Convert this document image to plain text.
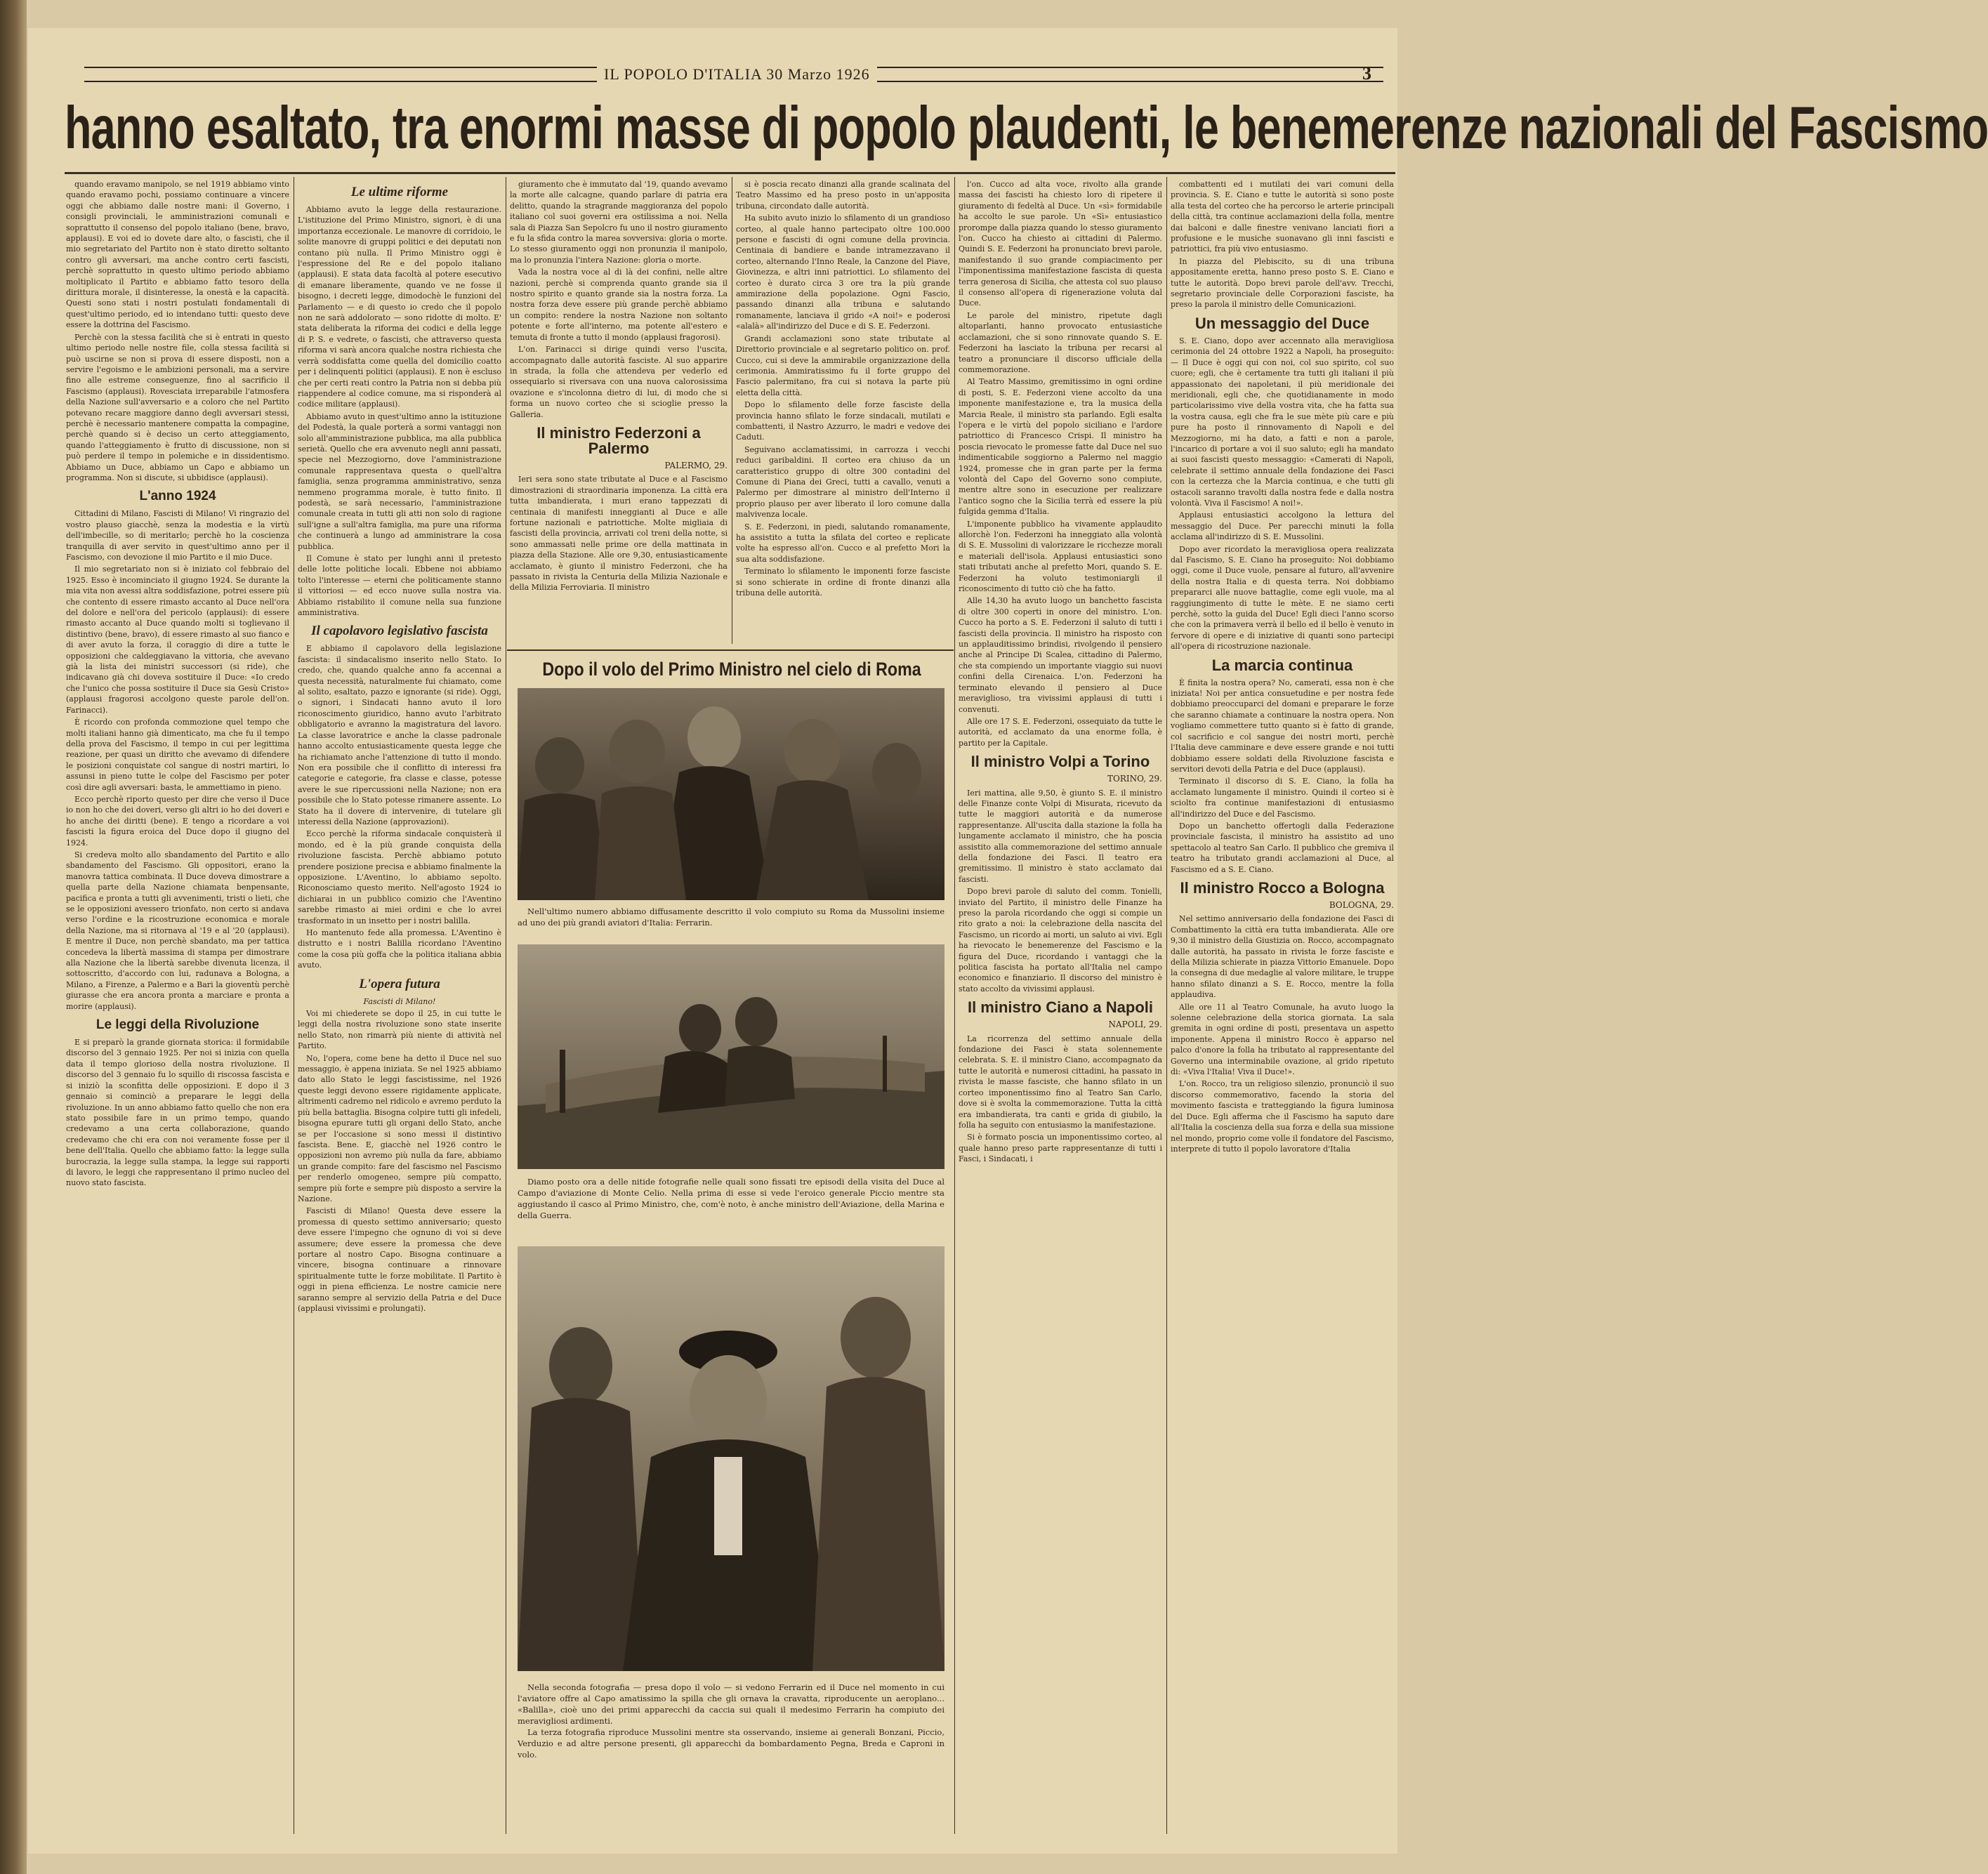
IL POPOLO D'ITALIA 30 Marzo 1926	3
hanno esaltato, tra enormi masse di popolo plaudenti, le benemerenze nazionali del Fascismo

quando eravamo manipolo, se nel 1919 abbiamo vinto quando eravamo pochi, possiamo continuare a vincere oggi che abbiamo dalle nostre mani: il Governo, i consigli provinciali, le amministrazioni comunali e soprattutto il consenso del popolo italiano (bene, bravo, applausi). E voi ed io dovete dare alto, o fascisti, che il mio segretariato del Partito non è stato diretto soltanto contro gli avversari, ma anche contro certi fascisti, perchè soprattutto in questo ultimo periodo abbiamo moltiplicato il Partito e abbiamo fatto tesoro della dirittura morale, il disinteresse, la onestà e la capacità. Questi sono stati i nostri postulati fondamentali di quest'ultimo periodo, ed io intendano tutti: questo deve essere la dottrina del Fascismo.

Perchè con la stessa facilità che si è entrati in questo ultimo periodo nelle nostre file, colla stessa facilità si può uscirne se non si prova di essere disposti, non a servire l'egoismo e le ambizioni personali, ma a servire fino alle estreme conseguenze, fino al sacrificio il Fascismo (applausi). Rovesciata irreparabile l'atmosfera della Nazione sull'avversario e a coloro che nel Partito potevano recare maggiore danno degli avversari stessi, perchè è necessario mantenere compatta la compagine, perchè quando si è deciso un certo atteggiamento, quando l'atteggiamento è frutto di discussione, non si può perdere il tempo in polemiche e in dissidentismo. Abbiamo un Duce, abbiamo un Capo e abbiamo un programma. Non si discute, si ubbidisce (applausi).

L'anno 1924

Cittadini di Milano, Fascisti di Milano! Vi ringrazio del vostro plauso giacchè, senza la modestia e la virtù dell'imbecille, so di meritarlo; perchè ho la coscienza tranquilla di aver servito in quest'ultimo anno per il Fascismo, con devozione il mio Partito e il mio Duce.

Il mio segretariato non si è iniziato col febbraio del 1925. Esso è incominciato il giugno 1924. Se durante la mia vita non avessi altra soddisfazione, potrei essere più che contento di essere rimasto accanto al Duce nell'ora del dolore e nell'ora del pericolo (applausi): di essere rimasto accanto al Duce quando molti si toglievano il distintivo (bene, bravo), di essere rimasto al suo fianco e di aver avuto la forza, il coraggio di dire a tutte le opposizioni che caldeggiavano la vittoria, che avevano già la lista dei ministri successori (si ride), che indicavano già chi doveva sostituire il Duce: «Io credo che l'unico che possa sostituire il Duce sia Gesù Cristo» (applausi fragorosi accolgono queste parole dell'on. Farinacci).

È ricordo con profonda commozione quel tempo che molti italiani hanno già dimenticato, ma che fu il tempo della prova del Fascismo, il tempo in cui per legittima reazione, per quasi un diritto che avevamo di difendere le posizioni conquistate col sangue di nostri martiri, lo assunsi in pieno tutte le colpe del Fascismo per poter così dire agli avversari: basta, le ammettiamo in pieno.

Ecco perchè riporto questo per dire che verso il Duce io non ho che dei doveri, verso gli altri io ho dei doveri e ho anche dei diritti (bene). E tengo a ricordare a voi fascisti la figura eroica del Duce dopo il giugno del 1924.

Si credeva molto allo sbandamento del Partito e allo sbandamento del Fascismo. Gli oppositori, erano la manovra tattica combinata. Il Duce doveva dimostrare a quella parte della Nazione chiamata benpensante, pacifica e pronta a tutti gli avvenimenti, tristi o lieti, che se le opposizioni avessero trionfato, non certo si andava verso l'ordine e la ricostruzione economica e morale della Nazione, ma si ritornava al '19 e al '20 (applausi). E mentre il Duce, non perchè sbandato, ma per tattica concedeva la libertà massima di stampa per dimostrare alla Nazione che la libertà sarebbe divenuta licenza, il sottoscritto, d'accordo con lui, radunava a Bologna, a Milano, a Firenze, a Palermo e a Bari la gioventù perchè giurasse che era ancora pronta a marciare e pronta a morire (applausi).

Le leggi della Rivoluzione

E si preparò la grande giornata storica: il formidabile discorso del 3 gennaio 1925. Per noi si inizia con quella data il tempo glorioso della nostra rivoluzione. Il discorso del 3 gennaio fu lo squillo di riscossa fascista e si iniziò la sconfitta delle opposizioni. E dopo il 3 gennaio si cominciò a preparare le leggi della rivoluzione. In un anno abbiamo fatto quello che non era stato possibile fare in un primo tempo, quando credevamo a una certa collaborazione, quando credevamo che chi era con noi veramente fosse per il bene dell'Italia. Quello che abbiamo fatto: la legge sulla burocrazia, la legge sulla stampa, la legge sui rapporti di lavoro, le leggi che rappresentano il primo nucleo del nuovo stato fascista.

Le ultime riforme

Abbiamo avuto la legge della restaurazione. L'istituzione del Primo Ministro, signori, è di una importanza eccezionale. Le manovre di corridoio, le solite manovre di gruppi politici e dei deputati non contano più nulla. Il Primo Ministro oggi è l'espressione del Re e del popolo italiano (applausi). E stata data facoltà al potere esecutivo di emanare liberamente, quando ve ne fosse il bisogno, i decreti legge, dimodochè le funzioni del Parlamento — e di questo io credo che il popolo non ne sarà addolorato — sono ridotte di molto. E' stata deliberata la riforma dei codici e della legge di P. S. e vedrete, o fascisti, che attraverso questa riforma vi sarà ancora qualche nostra richiesta che verrà soddisfatta come quella del domicilio coatto per i delinquenti politici (applausi). E non è escluso che per certi reati contro la Patria non si debba più riappendere al codice comune, ma si risponderà al codice militare (applausi).

Abbiamo avuto in quest'ultimo anno la istituzione del Podestà, la quale porterà a sormi vantaggi non solo all'amministrazione pubblica, ma alla pubblica serietà. Quello che era avvenuto negli anni passati, specie nel Mezzogiorno, dove l'amministrazione comunale rappresentava questa o quell'altra famiglia, senza programma amministrativo, senza nemmeno programma morale, è tutto finito. Il podestà, se sarà necessario, l'amministrazione comunale creata in tutti gli atti non solo di ragione sull'igne a sull'altra famiglia, ma pure una riforma che continuerà a lungo ad amministrare la cosa pubblica.

Il Comune è stato per lunghi anni il pretesto delle lotte politiche locali. Ebbene noi abbiamo tolto l'interesse — eterni che politicamente stanno il vittoriosi — ed ecco nuove sulla nostra via. Abbiamo ristabilito il comune nella sua funzione amministrativa.

Il capolavoro legislativo fascista

E abbiamo il capolavoro della legislazione fascista: il sindacalismo inserito nello Stato. Io credo, che, quando qualche anno fa accennai a questa necessità, naturalmente fui chiamato, come al solito, esaltato, pazzo e ignorante (si ride). Oggi, o signori, i Sindacati hanno avuto il loro riconoscimento giuridico, hanno avuto l'arbitrato obbligatorio e avranno la magistratura del lavoro. La classe lavoratrice e anche la classe padronale hanno accolto entusiasticamente questa legge che ha richiamato anche l'attenzione di tutto il mondo. Non era possibile che il conflitto di interessi fra categorie e categorie, fra classe e classe, potesse avere le sue ripercussioni nella Nazione; non era possibile che lo Stato potesse rimanere assente. Lo Stato ha il dovere di intervenire, di tutelare gli interessi della Nazione (approvazioni).

Ecco perchè la riforma sindacale conquisterà il mondo, ed è la più grande conquista della rivoluzione fascista. Perchè abbiamo potuto prendere posizione precisa e abbiamo finalmente la opposizione. L'Aventino, lo abbiamo sepolto. Riconosciamo questo merito. Nell'agosto 1924 io dichiarai in un pubblico comizio che l'Aventino sarebbe rimasto ai miei ordini e che lo avrei trasformato in un insetto per i nostri balilla.

Ho mantenuto fede alla promessa. L'Aventino è distrutto e i nostri Balilla ricordano l'Aventino come la cosa più goffa che la politica italiana abbia avuto.

L'opera futura

Fascisti di Milano!

Voi mi chiederete se dopo il 25, in cui tutte le leggi della nostra rivoluzione sono state inserite nello Stato, non rimarrà più niente di attività nel Partito.

No, l'opera, come bene ha detto il Duce nel suo messaggio, è appena iniziata. Se nel 1925 abbiamo dato allo Stato le leggi fascistissime, nel 1926 queste leggi devono essere rigidamente applicate, altrimenti cadremo nel ridicolo e avremo perduto la più bella battaglia. Bisogna colpire tutti gli infedeli, bisogna epurare tutti gli organi dello Stato, anche se per l'occasione si sono messi il distintivo fascista. Bene. E, giacchè nel 1926 contro le opposizioni non avremo più nulla da fare, abbiamo un grande compito: fare del fascismo nel Fascismo per renderlo omogeneo, sempre più compatto, sempre più forte e sempre più disposto a servire la Nazione.

Fascisti di Milano! Questa deve essere la promessa di questo settimo anniversario; questo deve essere l'impegno che ognuno di voi si deve assumere; deve essere la promessa che deve portare al nostro Capo. Bisogna continuare a vincere, bisogna continuare a rinnovare spiritualmente tutte le forze mobilitate. Il Partito è oggi in piena efficienza. Le nostre camicie nere saranno sempre al servizio della Patria e del Duce (applausi vivissimi e prolungati).

giuramento che è immutato dal '19, quando avevamo la morte alle calcagne, quando parlare di patria era delitto, quando la stragrande maggioranza del popolo italiano col suoi governi era ostilissima a noi. Nella sala di Piazza San Sepolcro fu uno il nostro giuramento e fu la sfida contro la marea sovversiva: gloria o morte. Lo stesso giuramento oggi non pronunzia il manipolo, ma lo pronunzia l'intera Nazione: gloria o morte.

Vada la nostra voce al di là dei confini, nelle altre nazioni, perchè si comprenda quanto grande sia il nostro spirito e quanto grande sia la nostra forza. La nostra forza deve essere più grande perchè abbiamo un compito: rendere la nostra Nazione non soltanto potente e forte all'interno, ma potente all'estero e temuta di fronte a tutto il mondo (applausi fragorosi).

L'on. Farinacci si dirige quindi verso l'uscita, accompagnato dalle autorità fasciste. Al suo apparire in strada, la folla che attendeva per vederlo ed ossequiarlo si riversava con una nuova calorosissima ovazione e s'incolonna dietro di lui, di modo che si forma un nuovo corteo che si scioglie presso la Galleria.

Il ministro Federzoni a Palermo
PALERMO, 29.

Ieri sera sono state tributate al Duce e al Fascismo dimostrazioni di straordinaria imponenza. La città era tutta imbandierata, i muri erano tappezzati di centinaia di manifesti inneggianti al Duce e alle fortune nazionali e patriottiche. Molte migliaia di fascisti della provincia, arrivati col treni della notte, si sono ammassati nelle prime ore della mattinata in piazza della Stazione. Alle ore 9,30, entusiasticamente acclamato, è giunto il ministro Federzoni, che ha passato in rivista la Centuria della Milizia Nazionale e della Milizia Ferroviaria. Il ministro

si è poscia recato dinanzi alla grande scalinata del Teatro Massimo ed ha preso posto in un'apposita tribuna, circondato dalle autorità.

Ha subito avuto inizio lo sfilamento di un grandioso corteo, al quale hanno partecipato oltre 100.000 persone e fascisti di ogni comune della provincia. Centinaia di bandiere e bande intramezzavano il corteo, alternando l'Inno Reale, la Canzone del Piave, Giovinezza, e altri inni patriottici. Lo sfilamento del corteo è durato circa 3 ore tra la più grande ammirazione della popolazione. Ogni Fascio, passando dinanzi alla tribuna e salutando romanamente, lanciava il grido «A noi!» e poderosi «alalà» all'indirizzo del Duce e di S. E. Federzoni.

Grandi acclamazioni sono state tributate al Direttorio provinciale e al segretario politico on. prof. Cucco, cui si deve la ammirabile organizzazione della cerimonia. Ammiratissimo fu il forte gruppo del Fascio palermitano, fra cui si notava la parte più eletta della città.

Dopo lo sfilamento delle forze fasciste della provincia hanno sfilato le forze sindacali, mutilati e combattenti, il Nastro Azzurro, le madri e vedove dei Caduti.

Seguivano acclamatissimi, in carrozza i vecchi reduci garibaldini. Il corteo era chiuso da un caratteristico gruppo di oltre 300 contadini del Comune di Piana dei Greci, tutti a cavallo, venuti a Palermo per dimostrare al ministro dell'Interno il proprio plauso per aver liberato il loro comune dalla malvivenza locale.

S. E. Federzoni, in piedi, salutando romanamente, ha assistito a tutta la sfilata del corteo e replicate volte ha espresso all'on. Cucco e al prefetto Mori la sua alta soddisfazione.

Terminato lo sfilamento le imponenti forze fasciste si sono schierate in ordine di fronte dinanzi alla tribuna delle autorità.

l'on. Cucco ad alta voce, rivolto alla grande massa dei fascisti ha chiesto loro di ripetere il giuramento di fedeltà al Duce. Un «sì» formidabile ha accolto le sue parole. Un «Sì» entusiastico prorompe dalla piazza quando lo stesso giuramento l'on. Cucco ha chiesto ai cittadini di Palermo. Quindi S. E. Federzoni ha pronunciato brevi parole, manifestando il suo grande compiacimento per l'imponentissima manifestazione fascista di questa terra generosa di Sicilia, che attesta col suo plauso il consenso all'opera di rigenerazione voluta dal Duce.

Le parole del ministro, ripetute dagli altoparlanti, hanno provocato entusiastiche acclamazioni, che si sono rinnovate quando S. E. Federzoni ha lasciato la tribuna per recarsi al teatro a pronunciare il discorso ufficiale della commemorazione.

Al Teatro Massimo, gremitissimo in ogni ordine di posti, S. E. Federzoni viene accolto da una imponente manifestazione e, tra la musica della Marcia Reale, il ministro sta parlando. Egli esalta l'opera e le virtù del popolo siciliano e l'ardore patriottico di Francesco Crispi. Il ministro ha poscia rievocato le promesse fatte dal Duce nel suo indimenticabile soggiorno a Palermo nel maggio 1924, promesse che in gran parte per la ferma volontà del Capo del Governo sono compiute, mentre altre sono in esecuzione per realizzare l'antico sogno che la Sicilia terrà ed essere la più fulgida gemma d'Italia.

L'imponente pubblico ha vivamente applaudito allorchè l'on. Federzoni ha inneggiato alla volontà di S. E. Mussolini di valorizzare le ricchezze morali e materiali dell'isola. Applausi entusiastici sono stati tributati anche al prefetto Mori, quando S. E. Federzoni ha voluto testimoniargli il riconoscimento di tutto ciò che ha fatto.

Alle 14,30 ha avuto luogo un banchetto fascista di oltre 300 coperti in onore del ministro. L'on. Cucco ha porto a S. E. Federzoni il saluto di tutti i fascisti della provincia. Il ministro ha risposto con un applauditissimo brindisi, rivolgendo il pensiero anche al Principe Di Scalea, cittadino di Palermo, che sta compiendo un importante viaggio sui nuovi confini della Cirenaica. L'on. Federzoni ha terminato elevando il pensiero al Duce meraviglioso, tra vivissimi applausi di tutti i convenuti.

Alle ore 17 S. E. Federzoni, ossequiato da tutte le autorità, ed acclamato da una enorme folla, è partito per la Capitale.

Il ministro Volpi a Torino
TORINO, 29.

Ieri mattina, alle 9,50, è giunto S. E. il ministro delle Finanze conte Volpi di Misurata, ricevuto da tutte le maggiori autorità e da numerose rappresentanze. All'uscita dalla stazione la folla ha lungamente acclamato il ministro, che ha poscia assistito alla commemorazione del settimo annuale della fondazione dei Fasci. Il teatro era gremitissimo. Il ministro è stato acclamato dai fascisti.

Dopo brevi parole di saluto del comm. Tonielli, inviato del Partito, il ministro delle Finanze ha preso la parola ricordando che oggi si compie un rito grato a noi: la celebrazione della nascita del Fascismo, un ricordo ai morti, un saluto ai vivi. Egli ha rievocato le benemerenze del Fascismo e la figura del Duce, ricordando i vantaggi che la politica fascista ha portato all'Italia nel campo economico e finanziario. Il discorso del ministro è stato accolto da vivissimi applausi.

Il ministro Ciano a Napoli
NAPOLI, 29.

La ricorrenza del settimo annuale della fondazione dei Fasci è stata solennemente celebrata. S. E. il ministro Ciano, accompagnato da tutte le autorità e numerosi cittadini, ha passato in rivista le masse fasciste, che hanno sfilato in un corteo imponentissimo fino al Teatro San Carlo, dove si è svolta la commemorazione. Tutta la città era imbandierata, tra canti e grida di giubilo, la folla ha seguito con entusiasmo la manifestazione.

Si è formato poscia un imponentissimo corteo, al quale hanno preso parte rappresentanze di tutti i Fasci, i Sindacati, i

combattenti ed i mutilati dei vari comuni della provincia. S. E. Ciano e tutte le autorità si sono poste alla testa del corteo che ha percorso le arterie principali della città, tra continue acclamazioni della folla, mentre dai balconi e dalle finestre venivano lanciati fiori a profusione e le musiche suonavano gli inni fascisti e patriottici, fra più vivo entusiasmo.

In piazza del Plebiscito, su di una tribuna appositamente eretta, hanno preso posto S. E. Ciano e tutte le autorità. Dopo brevi parole dell'avv. Trecchi, segretario provinciale delle Corporazioni fasciste, ha preso la parola il ministro delle Comunicazioni.

Un messaggio del Duce

S. E. Ciano, dopo aver accennato alla meravigliosa cerimonia del 24 ottobre 1922 a Napoli, ha proseguito: — Il Duce è oggi qui con noi, col suo spirito, col suo cuore; egli, che è certamente tra tutti gli italiani il più appassionato dei napoletani, il più meridionale dei meridionali, egli che, che quotidianamente in modo particolarissimo vive della vostra vita, che ha fatta sua la vostra causa, egli che fra le sue mète più care e più pure ha posto il rinnovamento di Napoli e del Mezzogiorno, mi ha dato, a fatti e non a parole, l'incarico di portare a voi il suo saluto; egli ha mandato ai suoi fascisti questo messaggio: «Camerati di Napoli, celebrate il settimo annuale della fondazione dei Fasci con la certezza che la Marcia continua, e che tutti gli ostacoli saranno travolti dalla nostra fede e dalla nostra volontà. Viva il Fascismo! A noi!».

Applausi entusiastici accolgono la lettura del messaggio del Duce. Per parecchi minuti la folla acclama all'indirizzo di S. E. Mussolini.

Dopo aver ricordato la meravigliosa opera realizzata dal Fascismo, S. E. Ciano ha proseguito: Noi dobbiamo oggi, come il Duce vuole, pensare al futuro, all'avvenire della nostra Italia e di questa terra. Noi dobbiamo prepararci alle nuove battaglie, come egli vuole, ma al raggiungimento di tutte le mète. E ne siamo certi perchè, sotto la guida del Duce! Egli dieci l'anno scorso che con la primavera verrà il bello ed il bello è venuto in fervore di opere e di iniziative di quanti sono partecipi all'opera di ricostruzione nazionale.

La marcia continua

È finita la nostra opera? No, camerati, essa non è che iniziata! Noi per antica consuetudine e per nostra fede dobbiamo preoccuparci del domani e preparare le forze che saranno chiamate a continuare la nostra opera. Non vogliamo commettere tutto quanto si è fatto di grande, col sacrificio e col sangue dei nostri morti, perchè l'Italia deve camminare e deve essere grande e noi tutti dobbiamo essere soldati della Rivoluzione fascista e servitori devoti della Patria e del Duce (applausi).

Terminato il discorso di S. E. Ciano, la folla ha acclamato lungamente il ministro. Quindi il corteo si è sciolto fra continue manifestazioni di entusiasmo all'indirizzo del Duce e del Fascismo.

Dopo un banchetto offertogli dalla Federazione provinciale fascista, il ministro ha assistito ad uno spettacolo al teatro San Carlo. Il pubblico che gremiva il teatro ha tributato grandi acclamazioni al Duce, al Fascismo ed a S. E. Ciano.

Il ministro Rocco a Bologna
BOLOGNA, 29.

Nel settimo anniversario della fondazione dei Fasci di Combattimento la città era tutta imbandierata. Alle ore 9,30 il ministro della Giustizia on. Rocco, accompagnato dalle autorità, ha passato in rivista le forze fasciste e della Milizia schierate in piazza Vittorio Emanuele. Dopo la consegna di due medaglie al valore militare, le truppe hanno sfilato dinanzi a S. E. Rocco, mentre la folla applaudiva.

Alle ore 11 al Teatro Comunale, ha avuto luogo la solenne celebrazione della storica giornata. La sala gremita in ogni ordine di posti, presentava un aspetto imponente. Appena il ministro Rocco è apparso nel palco d'onore la folla ha tributato al rappresentante del Governo una interminabile ovazione, al grido ripetuto di: «Viva l'Italia! Viva il Duce!».

L'on. Rocco, tra un religioso silenzio, pronunciò il suo discorso commemorativo, facendo la storia del movimento fascista e tratteggiando la figura luminosa del Duce. Egli afferma che il Fascismo ha saputo dare all'Italia la coscienza della sua forza e della sua missione nel mondo, proprio come volle il fondatore del Fascismo, interprete di tutto il popolo lavoratore d'Italia

Dopo il volo del Primo Ministro nel cielo di Roma

Nell'ultimo numero abbiamo diffusamente descritto il volo compiuto su Roma da Mussolini insieme ad uno dei più grandi aviatori d'Italia: Ferrarin.

Diamo posto ora a delle nitide fotografie nelle quali sono fissati tre episodi della visita del Duce al Campo d'aviazione di Monte Celio. Nella prima di esse si vede l'eroico generale Piccio mentre sta aggiustando il casco al Primo Ministro, che, com'è noto, è anche ministro dell'Aviazione, della Marina e della Guerra.

Nella seconda fotografia — presa dopo il volo — si vedono Ferrarin ed il Duce nel momento in cui l'aviatore offre al Capo amatissimo la spilla che gli ornava la cravatta, riproducente un aeroplano... «Balilla», cioè uno dei primi apparecchi da caccia sui quali il medesimo Ferrarin ha compiuto dei meravigliosi ardimenti.

La terza fotografia riproduce Mussolini mentre sta osservando, insieme ai generali Bonzani, Piccio, Verduzio e ad altre persone presenti, gli apparecchi da bombardamento Pegna, Breda e Caproni in volo.
